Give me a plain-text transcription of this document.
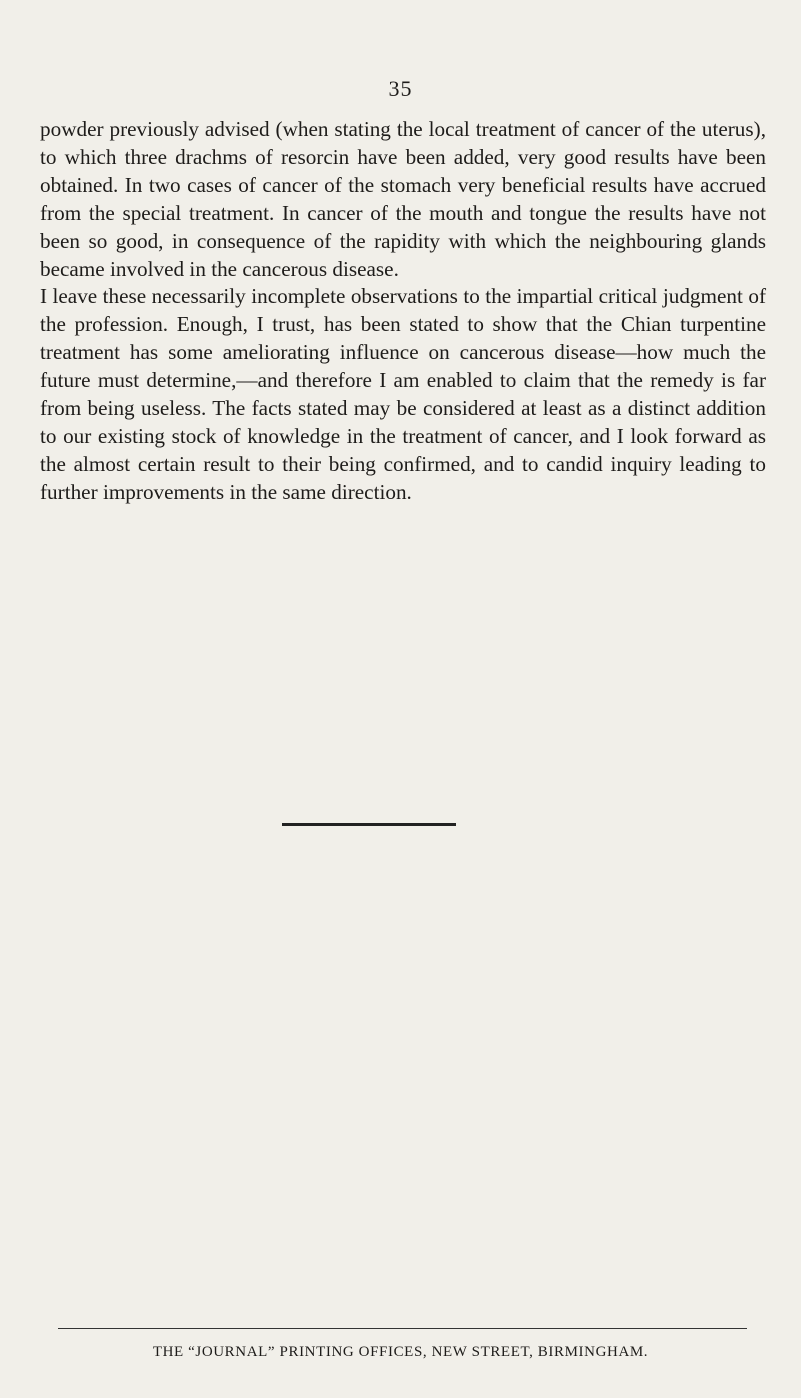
35

powder previously advised (when stating the local treatment of cancer of the uterus), to which three drachms of resorcin have been added, very good results have been obtained. In two cases of cancer of the stomach very beneficial results have accrued from the special treatment. In cancer of the mouth and tongue the results have not been so good, in consequence of the rapidity with which the neighbouring glands became involved in the cancerous disease.

I leave these necessarily incomplete observations to the impartial critical judgment of the profession. Enough, I trust, has been stated to show that the Chian turpentine treatment has some ameliorating influence on cancerous disease—how much the future must determine,—and therefore I am enabled to claim that the remedy is far from being useless. The facts stated may be considered at least as a distinct addition to our existing stock of knowledge in the treatment of cancer, and I look forward as the almost certain result to their being confirmed, and to candid inquiry leading to further improvements in the same direction.

THE “JOURNAL” PRINTING OFFICES, NEW STREET, BIRMINGHAM.
